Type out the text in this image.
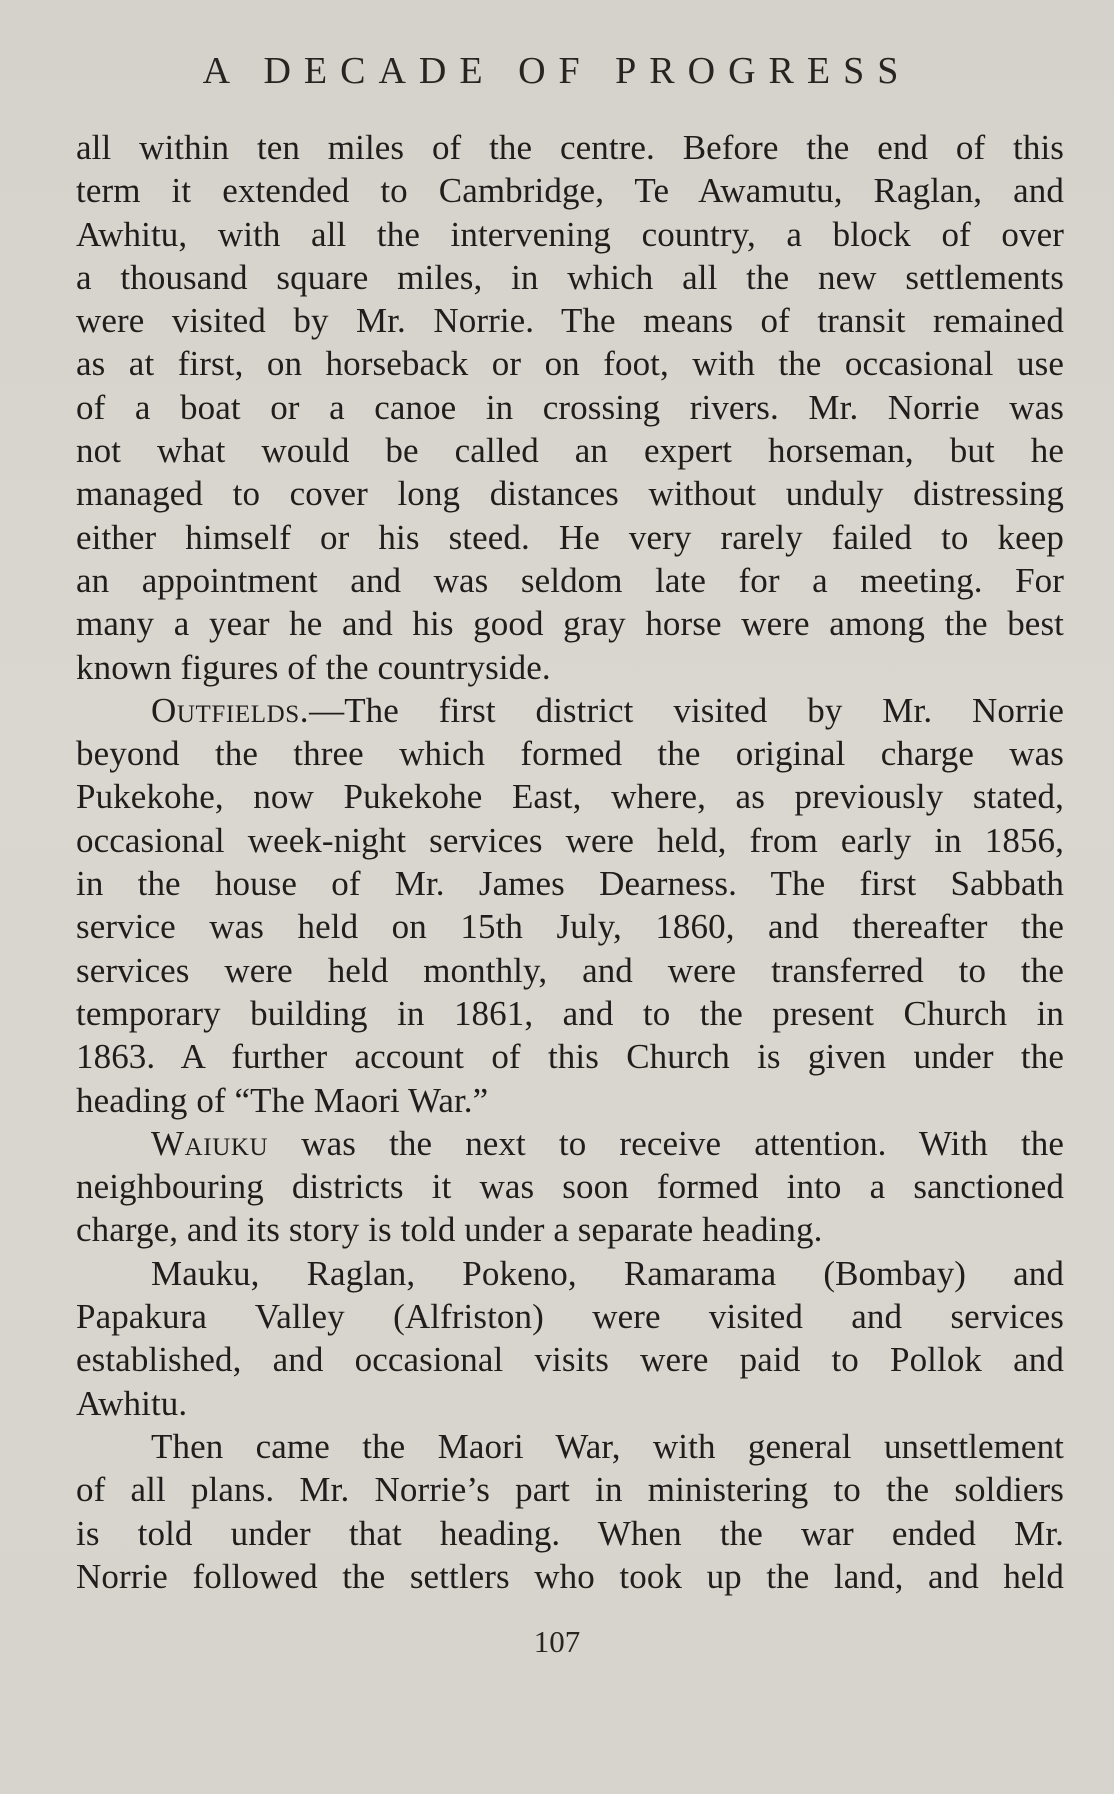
A DECADE OF PROGRESS
all within ten miles of the centre. Before the end of this
term it extended to Cambridge, Te Awamutu, Raglan, and
Awhitu, with all the intervening country, a block of over
a thousand square miles, in which all the new settlements
were visited by Mr. Norrie. The means of transit remained
as at first, on horseback or on foot, with the occasional use
of a boat or a canoe in crossing rivers. Mr. Norrie was
not what would be called an expert horseman, but he
managed to cover long distances without unduly distressing
either himself or his steed. He very rarely failed to keep
an appointment and was seldom late for a meeting. For
many a year he and his good gray horse were among the best
known figures of the countryside.
Outfields.—The first district visited by Mr. Norrie
beyond the three which formed the original charge was
Pukekohe, now Pukekohe East, where, as previously stated,
occasional week-night services were held, from early in 1856,
in the house of Mr. James Dearness. The first Sabbath
service was held on 15th July, 1860, and thereafter the
services were held monthly, and were transferred to the
temporary building in 1861, and to the present Church in
1863. A further account of this Church is given under the
heading of “The Maori War.”
Waiuku was the next to receive attention. With the
neighbouring districts it was soon formed into a sanctioned
charge, and its story is told under a separate heading.
Mauku, Raglan, Pokeno, Ramarama (Bombay) and
Papakura Valley (Alfriston) were visited and services
established, and occasional visits were paid to Pollok and
Awhitu.
Then came the Maori War, with general unsettlement
of all plans. Mr. Norrie’s part in ministering to the soldiers
is told under that heading. When the war ended Mr.
Norrie followed the settlers who took up the land, and held
107
